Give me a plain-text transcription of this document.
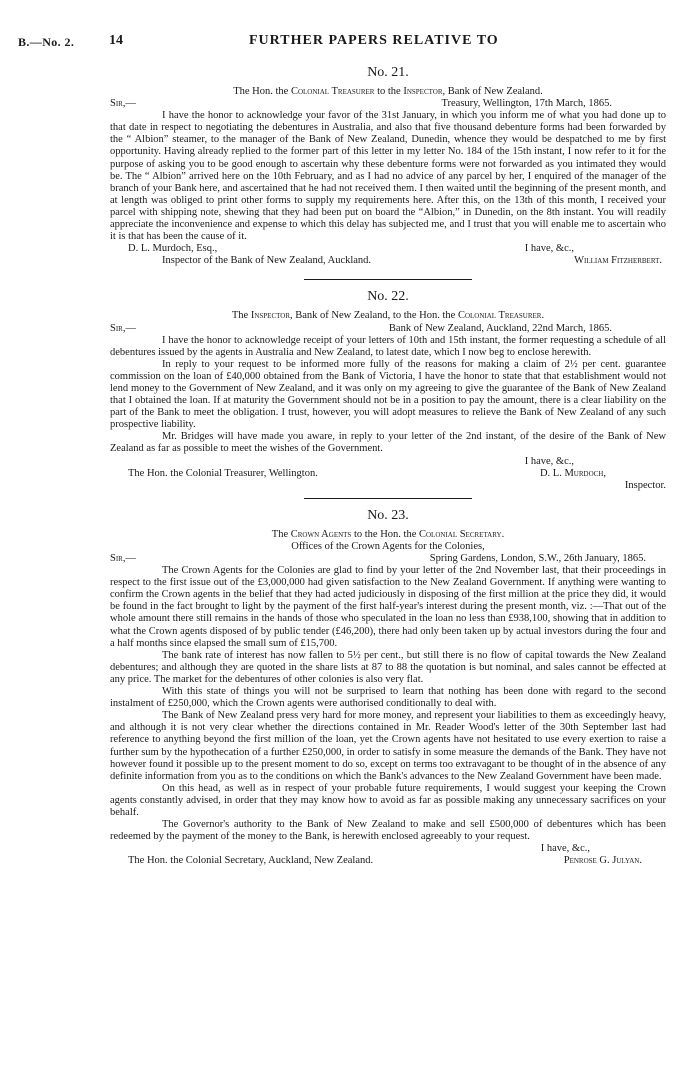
B.—No. 2. 14	FURTHER PAPERS RELATIVE TO
No. 21.
The Hon. the Colonial Treasurer to the Inspector, Bank of New Zealand.
Sir,—	Treasury, Wellington, 17th March, 1865.

I have the honor to acknowledge your favor of the 31st January, in which you inform me of what you had done up to that date in respect to negotiating the debentures in Australia, and also that five thousand debenture forms had been forwarded by the “ Albion” steamer, to the manager of the Bank of New Zealand, Dunedin, whence they would be despatched to me by first opportunity. Having already replied to the former part of this letter in my letter No. 184 of the 15th instant, I now refer to it for the purpose of asking you to be good enough to ascertain why these debenture forms were not forwarded as you intimated they would be. The “ Albion” arrived here on the 10th February, and as I had no advice of any parcel by her, I enquired of the manager of the branch of your Bank here, and ascertained that he had not received them. I then waited until the beginning of the present month, and at length was obliged to print other forms to supply my requirements here. After this, on the 13th of this month, I received your parcel with shipping note, shewing that they had been put on board the “Albion,” in Dunedin, on the 8th instant. You will readily appreciate the inconvenience and expense to which this delay has subjected me, and I trust that you will enable me to ascertain who it is that has been the cause of it.

D. L. Murdoch, Esq.,	I have, &c.,
Inspector of the Bank of New Zealand, Auckland.	William Fitzherbert.
No. 22.
The Inspector, Bank of New Zealand, to the Hon. the Colonial Treasurer.
Sir,—	Bank of New Zealand, Auckland, 22nd March, 1865.

I have the honor to acknowledge receipt of your letters of 10th and 15th instant, the former requesting a schedule of all debentures issued by the agents in Australia and New Zealand, to latest date, which I now beg to enclose herewith.

In reply to your request to be informed more fully of the reasons for making a claim of 2½ per cent. guarantee commission on the loan of £40,000 obtained from the Bank of Victoria, I have the honor to state that that establishment would not lend money to the Government of New Zealand, and it was only on my agreeing to give the guarantee of the Bank of New Zealand that I obtained the loan. If at maturity the Government should not be in a position to pay the amount, there is a clear liability on the part of the Bank to meet the obligation. I trust, however, you will adopt measures to relieve the Bank of New Zealand of any such prospective liability.

Mr. Bridges will have made you aware, in reply to your letter of the 2nd instant, of the desire of the Bank of New Zealand as far as possible to meet the wishes of the Government.

I have, &c.,
The Hon. the Colonial Treasurer, Wellington.	D. L. Murdoch,
Inspector.
No. 23.
The Crown Agents to the Hon. the Colonial Secretary.
Offices of the Crown Agents for the Colonies,
Sir,—	Spring Gardens, London, S.W., 26th January, 1865.

The Crown Agents for the Colonies are glad to find by your letter of the 2nd November last, that their proceedings in respect to the first issue out of the £3,000,000 had given satisfaction to the New Zealand Government. If anything were wanting to confirm the Crown agents in the belief that they had acted judiciously in disposing of the first million at the price they did, it would be found in the fact brought to light by the payment of the first half-year's interest during the present month, viz. :—That out of the whole amount there still remains in the hands of those who speculated in the loan no less than £938,100, showing that in addition to what the Crown agents disposed of by public tender (£46,200), there had only been taken up by actual investors during the four and a half months since elapsed the small sum of £15,700.

The bank rate of interest has now fallen to 5½ per cent., but still there is no flow of capital towards the New Zealand debentures; and although they are quoted in the share lists at 87 to 88 the quotation is but nominal, and sales cannot be effected at any price. The market for the debentures of other colonies is also very flat.

With this state of things you will not be surprised to learn that nothing has been done with regard to the second instalment of £250,000, which the Crown agents were authorised conditionally to deal with.

The Bank of New Zealand press very hard for more money, and represent your liabilities to them as exceedingly heavy, and although it is not very clear whether the directions contained in Mr. Reader Wood's letter of the 30th September last had reference to anything beyond the first million of the loan, yet the Crown agents have not hesitated to use every exertion to raise a further sum by the hypothecation of a further £250,000, in order to satisfy in some measure the demands of the Bank. They have not however found it possible up to the present moment to do so, except on terms too extravagant to be thought of in the absence of any definite information from you as to the conditions on which the Bank's advances to the New Zealand Government have been made.

On this head, as well as in respect of your probable future requirements, I would suggest your keeping the Crown agents constantly advised, in order that they may know how to avoid as far as possible making any unnecessary sacrifices on your behalf.

The Governor's authority to the Bank of New Zealand to make and sell £500,000 of debentures which has been redeemed by the payment of the money to the Bank, is herewith enclosed agreeably to your request.

I have, &c.,
The Hon. the Colonial Secretary, Auckland, New Zealand.	Penrose G. Julyan.
